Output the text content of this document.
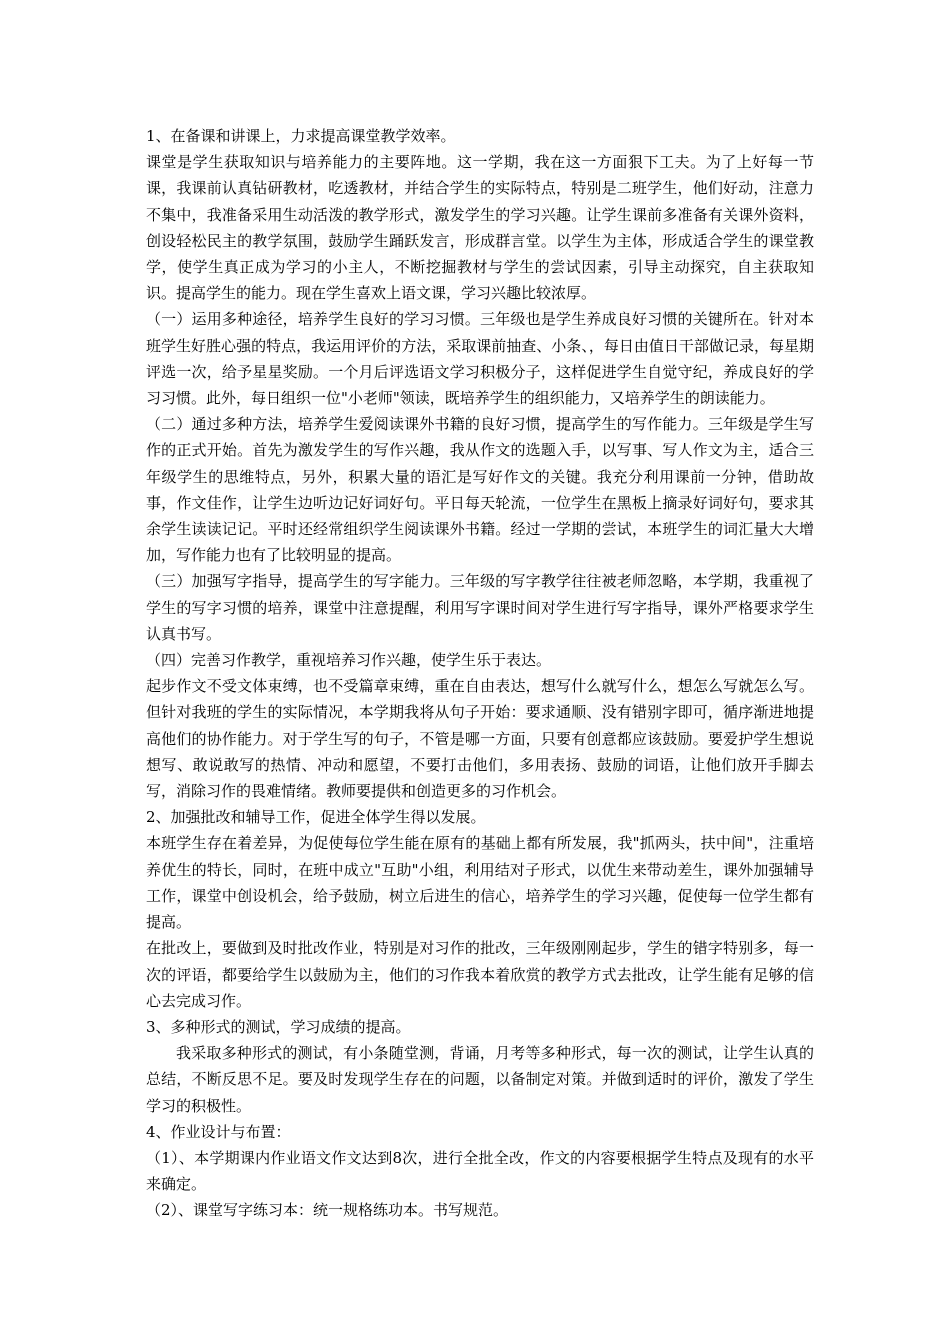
1、在备课和讲课上，力求提高课堂教学效率。

课堂是学生获取知识与培养能力的主要阵地。这一学期，我在这一方面狠下工夫。为了上好每一节课，我课前认真钻研教材，吃透教材，并结合学生的实际特点，特别是二班学生，他们好动，注意力不集中，我准备采用生动活泼的教学形式，激发学生的学习兴趣。让学生课前多准备有关课外资料，创设轻松民主的教学氛围，鼓励学生踊跃发言，形成群言堂。以学生为主体，形成适合学生的课堂教学，使学生真正成为学习的小主人，不断挖掘教材与学生的尝试因素，引导主动探究，自主获取知识。提高学生的能力。现在学生喜欢上语文课，学习兴趣比较浓厚。

（一）运用多种途径，培养学生良好的学习习惯。三年级也是学生养成良好习惯的关键所在。针对本班学生好胜心强的特点，我运用评价的方法，采取课前抽查、小条、，每日由值日干部做记录，每星期评选一次，给予星星奖励。一个月后评选语文学习积极分子，这样促进学生自觉守纪，养成良好的学习习惯。此外，每日组织一位"小老师"领读，既培养学生的组织能力，又培养学生的朗读能力。

（二）通过多种方法，培养学生爱阅读课外书籍的良好习惯，提高学生的写作能力。三年级是学生写作的正式开始。首先为激发学生的写作兴趣，我从作文的选题入手，以写事、写人作文为主，适合三年级学生的思维特点，另外，积累大量的语汇是写好作文的关键。我充分利用课前一分钟，借助故事，作文佳作，让学生边听边记好词好句。平日每天轮流，一位学生在黑板上摘录好词好句，要求其余学生读读记记。平时还经常组织学生阅读课外书籍。经过一学期的尝试，本班学生的词汇量大大增加，写作能力也有了比较明显的提高。

（三）加强写字指导，提高学生的写字能力。三年级的写字教学往往被老师忽略，本学期，我重视了学生的写字习惯的培养，课堂中注意提醒，利用写字课时间对学生进行写字指导，课外严格要求学生认真书写。

（四）完善习作教学，重视培养习作兴趣，使学生乐于表达。

起步作文不受文体束缚，也不受篇章束缚，重在自由表达，想写什么就写什么，想怎么写就怎么写。但针对我班的学生的实际情况，本学期我将从句子开始：要求通顺、没有错别字即可，循序渐进地提高他们的协作能力。对于学生写的句子，不管是哪一方面，只要有创意都应该鼓励。要爱护学生想说想写、敢说敢写的热情、冲动和愿望，不要打击他们，多用表扬、鼓励的词语，让他们放开手脚去写，消除习作的畏难情绪。教师要提供和创造更多的习作机会。

2、加强批改和辅导工作，促进全体学生得以发展。

本班学生存在着差异，为促使每位学生能在原有的基础上都有所发展，我"抓两头，扶中间"，注重培养优生的特长，同时，在班中成立"互助"小组，利用结对子形式，以优生来带动差生，课外加强辅导工作，课堂中创设机会，给予鼓励，树立后进生的信心，培养学生的学习兴趣，促使每一位学生都有提高。

在批改上，要做到及时批改作业，特别是对习作的批改，三年级刚刚起步，学生的错字特别多，每一次的评语，都要给学生以鼓励为主，他们的习作我本着欣赏的教学方式去批改，让学生能有足够的信心去完成习作。

3、多种形式的测试，学习成绩的提高。

我采取多种形式的测试，有小条随堂测，背诵，月考等多种形式，每一次的测试，让学生认真的总结，不断反思不足。要及时发现学生存在的问题，以备制定对策。并做到适时的评价，激发了学生学习的积极性。

4、作业设计与布置：

（1）、本学期课内作业语文作文达到8次，进行全批全改，作文的内容要根据学生特点及现有的水平来确定。

（2）、课堂写字练习本：统一规格练功本。书写规范。
